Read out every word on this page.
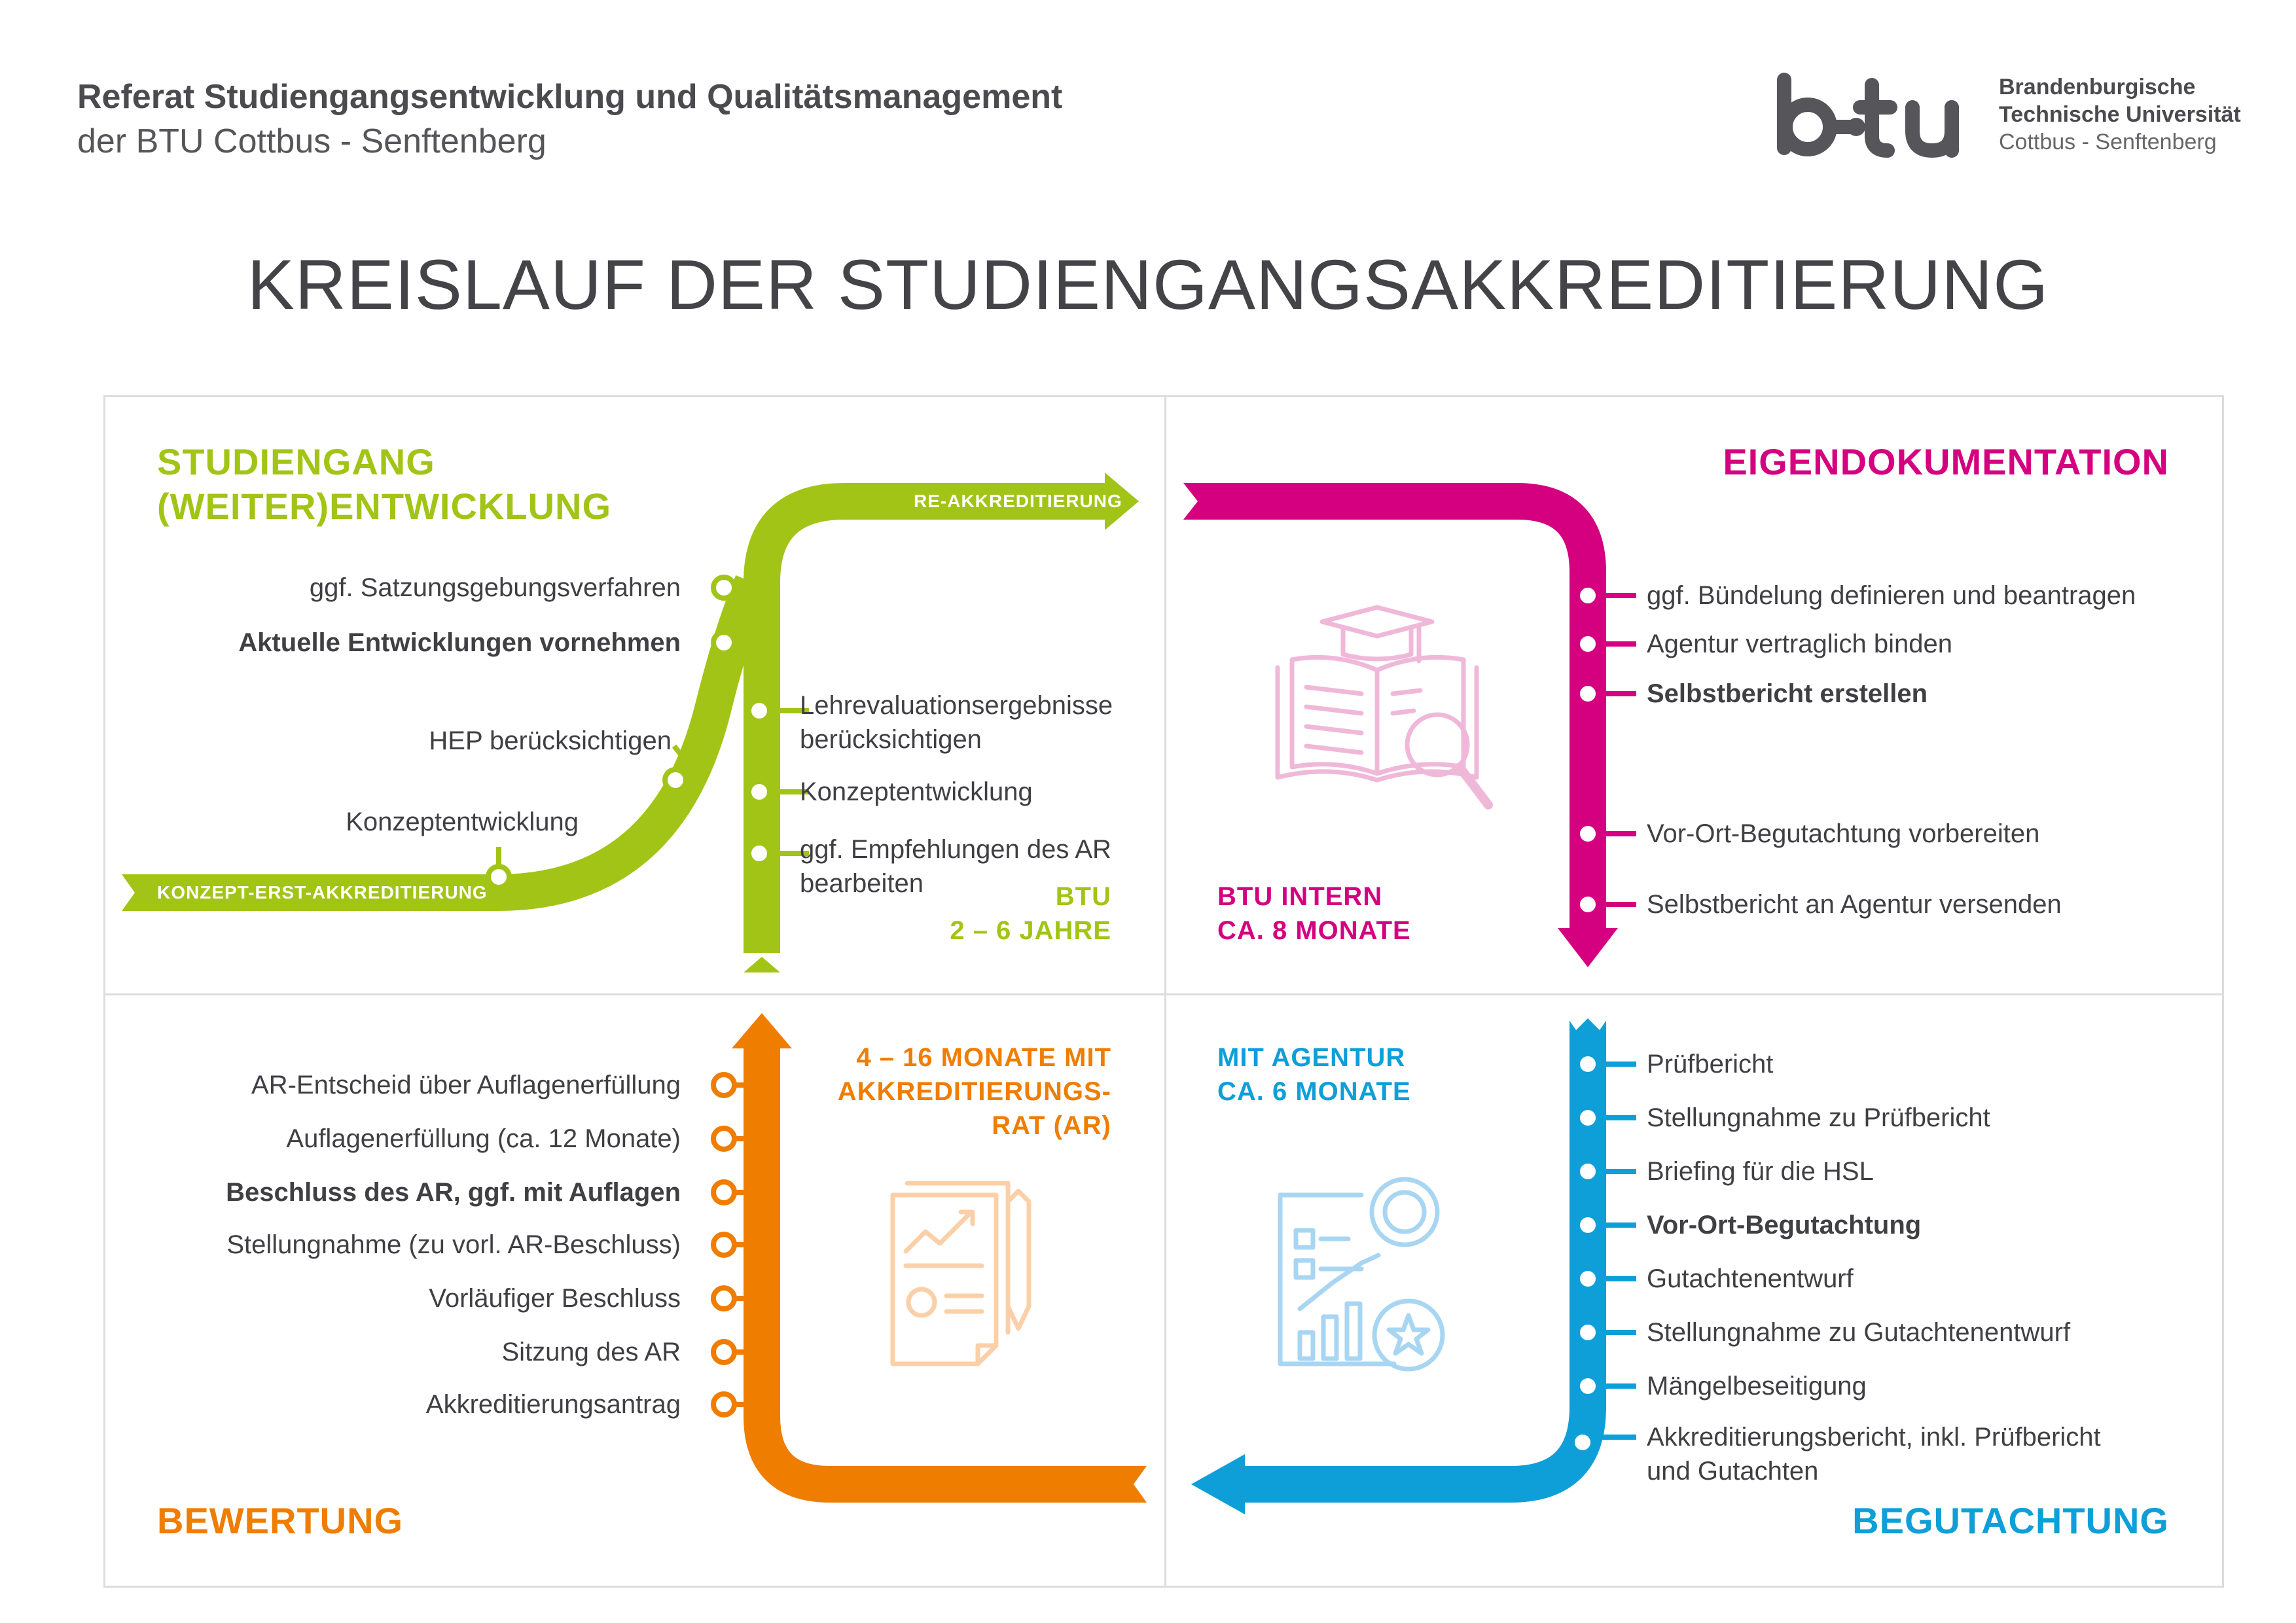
Referat Studiengangsentwicklung und Qualitätsmanagement
der BTU Cottbus - Senftenberg
Brandenburgische
Technische Universität
Cottbus - Senftenberg
KREISLAUF DER STUDIENGANGSAKKREDITIERUNG
RE-AKKREDITIERUNG
KONZEPT-ERST-AKKREDITIERUNG
STUDIENGANG
(WEITER)ENTWICKLUNG
ggf. Satzungsgebungsverfahren
Aktuelle Entwicklungen vornehmen
HEP berücksichtigen
Konzeptentwicklung
Lehrevaluationsergebnisse berücksichtigen
Konzeptentwicklung
ggf. Empfehlungen des AR bearbeiten	BTU
2 – 6 JAHRE
EIGENDOKUMENTATION
ggf. Bündelung definieren und beantragen
Agentur vertraglich binden
Selbstbericht erstellen
Vor-Ort-Begutachtung vorbereiten
Selbstbericht an Agentur versenden
BTU INTERN
CA. 8 MONATE
AR-Entscheid über Auflagenerfüllung
Auflagenerfüllung (ca. 12 Monate)
Beschluss des AR, ggf. mit Auflagen
Stellungnahme (zu vorl. AR-Beschluss)
Vorläufiger Beschluss
Sitzung des AR
Akkreditierungsantrag
4 – 16 MONATE MIT
AKKREDITIERUNGS-
RAT (AR)
BEWERTUNG
Prüfbericht
Stellungnahme zu Prüfbericht
Briefing für die HSL
Vor-Ort-Begutachtung
Gutachtenentwurf
Stellungnahme zu Gutachtenentwurf
Mängelbeseitigung
Akkreditierungsbericht, inkl. Prüfbericht und Gutachten
MIT AGENTUR
CA. 6 MONATE
BEGUTACHTUNG
